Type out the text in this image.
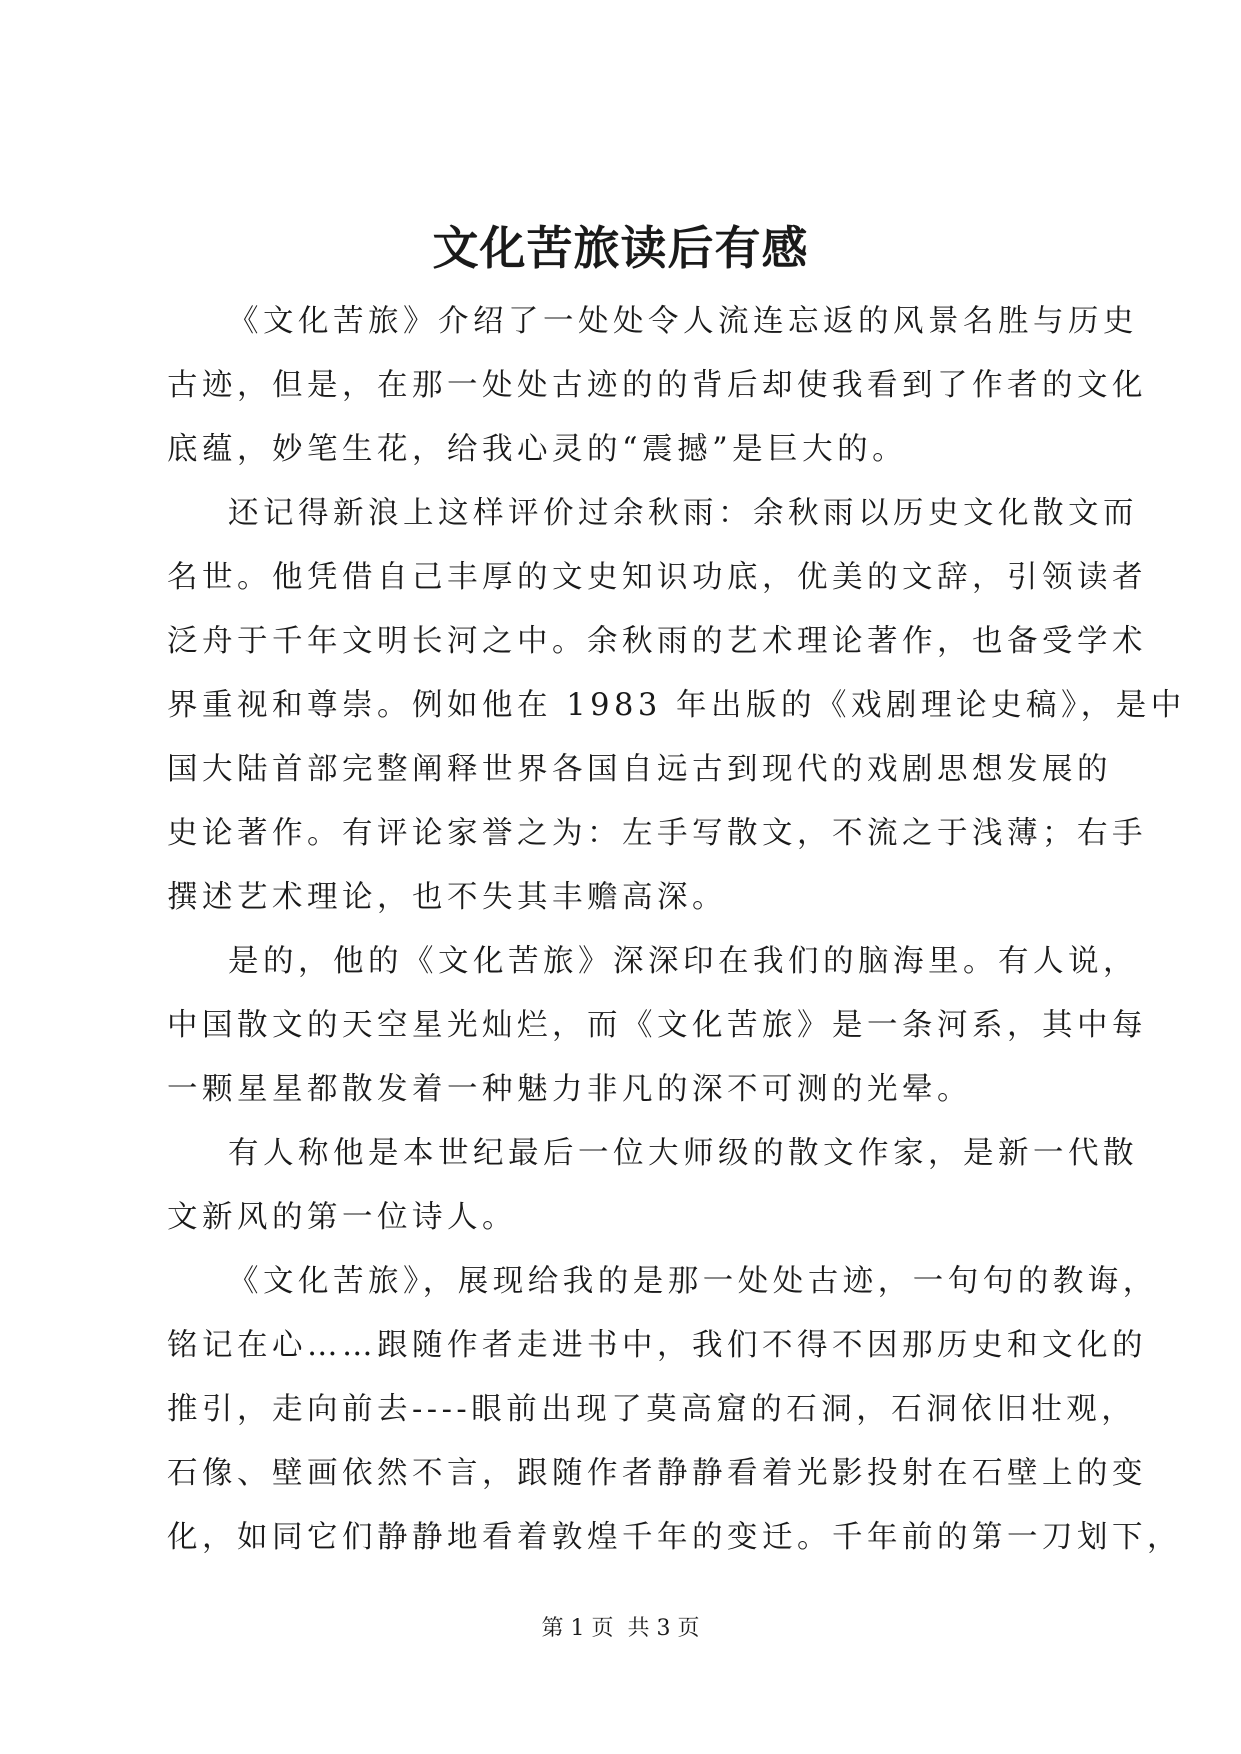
文化苦旅读后有感

《文化苦旅》介绍了一处处令人流连忘返的风景名胜与历史
古迹，但是，在那一处处古迹的的背后却使我看到了作者的文化
底蕴，妙笔生花，给我心灵的“震撼”是巨大的。

还记得新浪上这样评价过余秋雨：余秋雨以历史文化散文而
名世。他凭借自己丰厚的文史知识功底，优美的文辞，引领读者
泛舟于千年文明长河之中。余秋雨的艺术理论著作，也备受学术
界重视和尊崇。例如他在 1983 年出版的《戏剧理论史稿》，是中
国大陆首部完整阐释世界各国自远古到现代的戏剧思想发展的
史论著作。有评论家誉之为：左手写散文，不流之于浅薄；右手
撰述艺术理论，也不失其丰赡高深。

是的，他的《文化苦旅》深深印在我们的脑海里。有人说，
中国散文的天空星光灿烂，而《文化苦旅》是一条河系，其中每
一颗星星都散发着一种魅力非凡的深不可测的光晕。

有人称他是本世纪最后一位大师级的散文作家，是新一代散
文新风的第一位诗人。

《文化苦旅》，展现给我的是那一处处古迹，一句句的教诲，
铭记在心……跟随作者走进书中，我们不得不因那历史和文化的
推引，走向前去----眼前出现了莫高窟的石洞，石洞依旧壮观，
石像、壁画依然不言，跟随作者静静看着光影投射在石壁上的变
化，如同它们静静地看着敦煌千年的变迁。千年前的第一刀划下，

第 1 页  共 3 页
